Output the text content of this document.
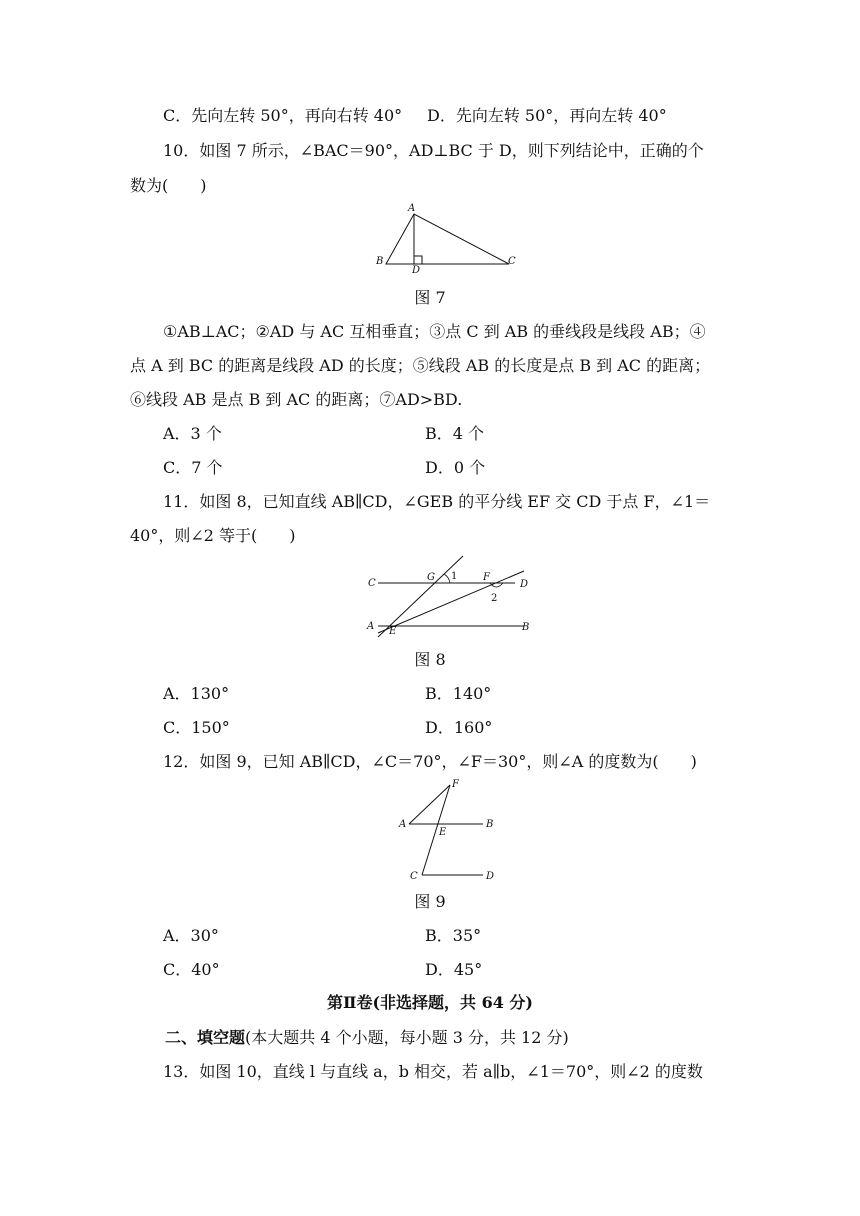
C．先向左转 50°，再向右转 40° D．先向左转 50°，再向左转 40°
10．如图 7 所示，∠BAC＝90°，AD⊥BC 于 D，则下列结论中，正确的个
数为(　　)
A
B
D
C
图 7
①AB⊥AC；②AD 与 AC 互相垂直；③点 C 到 AB 的垂线段是线段 AB；④
点 A 到 BC 的距离是线段 AD 的长度；⑤线段 AB 的长度是点 B 到 AC 的距离；
⑥线段 AB 是点 B 到 AC 的距离；⑦AD>BD.
A．3 个	B．4 个
C．7 个	D．0 个
11．如图 8，已知直线 AB∥CD，∠GEB 的平分线 EF 交 CD 于点 F，∠1＝
40°，则∠2 等于(　　)
C
G 1	F
D
2
A E	B
图 8
A．130°	B．140°
C．150°	D．160°
12．如图 9，已知 AB∥CD，∠C＝70°，∠F＝30°，则∠A 的度数为(　　)
F
A
E
B
C	D
图 9
A．30°	B．35°
C．40°	D．45°
第Ⅱ卷(非选择题，共 64 分)
二、填空题(本大题共 4 个小题，每小题 3 分，共 12 分)
13．如图 10，直线 l 与直线 a，b 相交，若 a∥b，∠1＝70°，则∠2 的度数
